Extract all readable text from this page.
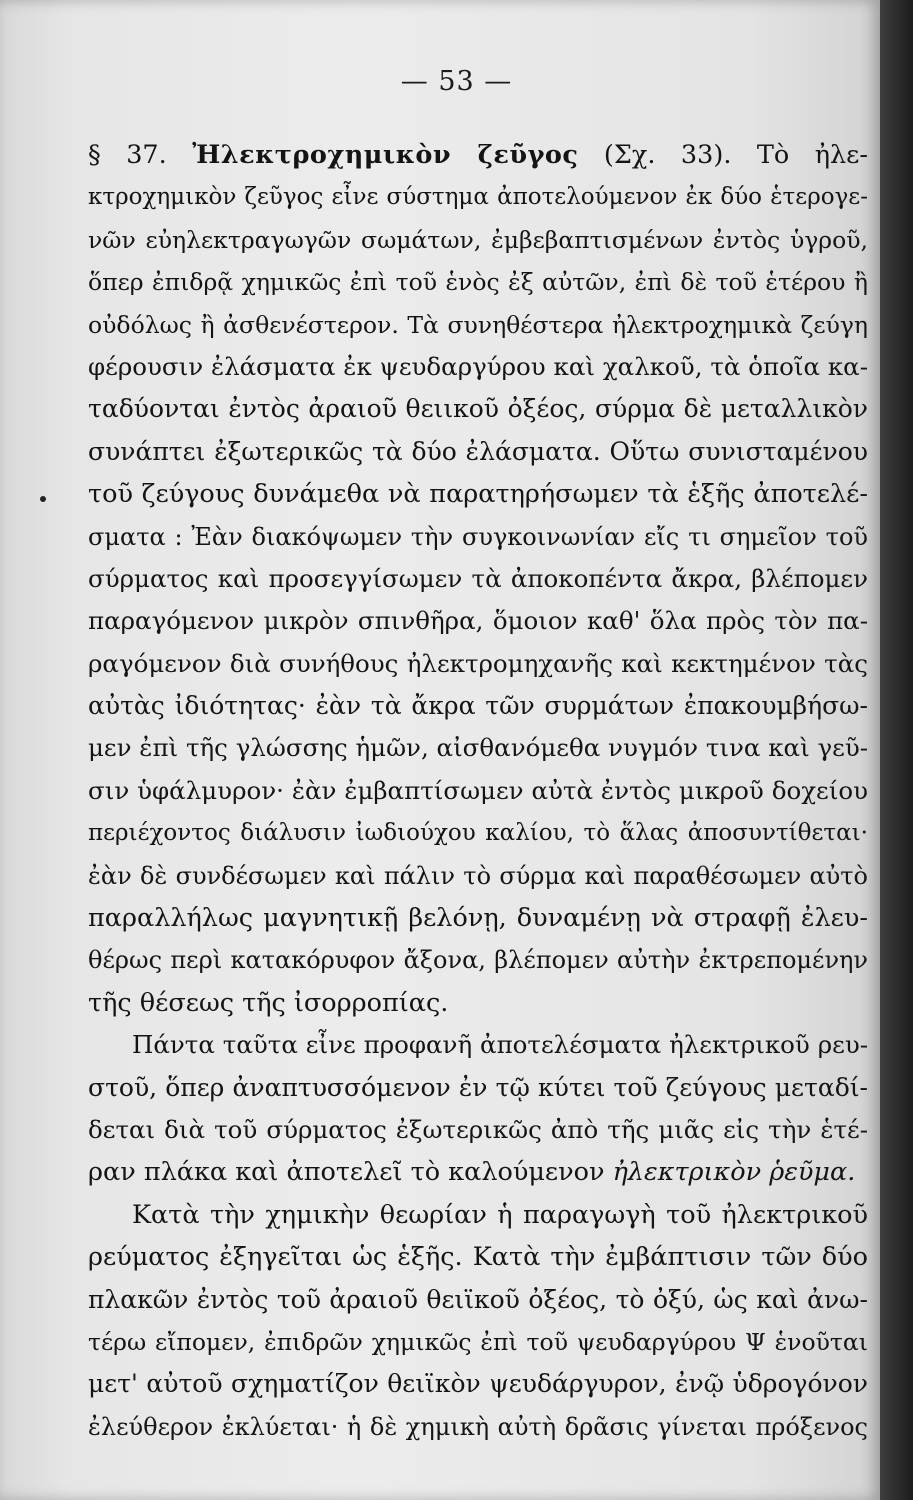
— 53 —
§ 37. Ἠλεκτροχημικὸν ζεῦγος (Σχ. 33). Τὸ ἠλε-
κτροχημικὸν ζεῦγος εἶνε σύστημα ἀποτελούμενον ἐκ δύο ἑτερογε-
νῶν εὐηλεκτραγωγῶν σωμάτων, ἐμβεβαπτισμένων ἐντὸς ὑγροῦ,
ὅπερ ἐπιδρᾷ χημικῶς ἐπὶ τοῦ ἑνὸς ἐξ αὐτῶν, ἐπὶ δὲ τοῦ ἑτέρου ἢ
οὐδόλως ἢ ἀσθενέστερον. Τὰ συνηθέστερα ἠλεκτροχημικὰ ζεύγη
φέρουσιν ἐλάσματα ἐκ ψευδαργύρου καὶ χαλκοῦ, τὰ ὁποῖα κα-
ταδύονται ἐντὸς ἀραιοῦ θειικοῦ ὀξέος, σύρμα δὲ μεταλλικὸν
συνάπτει ἐξωτερικῶς τὰ δύο ἐλάσματα. Οὕτω συνισταμένου
τοῦ ζεύγους δυνάμεθα νὰ παρατηρήσωμεν τὰ ἑξῆς ἀποτελέ-
σματα : Ἐὰν διακόψωμεν τὴν συγκοινωνίαν εἴς τι σημεῖον τοῦ
σύρματος καὶ προσεγγίσωμεν τὰ ἀποκοπέντα ἄκρα, βλέπομεν
παραγόμενον μικρὸν σπινθῆρα, ὅμοιον καθ' ὅλα πρὸς τὸν πα-
ραγόμενον διὰ συνήθους ἠλεκτρομηχανῆς καὶ κεκτημένον τὰς
αὐτὰς ἰδιότητας· ἐὰν τὰ ἄκρα τῶν συρμάτων ἐπακουμβήσω-
μεν ἐπὶ τῆς γλώσσης ἡμῶν, αἰσθανόμεθα νυγμόν τινα καὶ γεῦ-
σιν ὑφάλμυρον· ἐὰν ἐμβαπτίσωμεν αὐτὰ ἐντὸς μικροῦ δοχείου
περιέχοντος διάλυσιν ἰωδιούχου καλίου, τὸ ἅλας ἀποσυντίθεται·
ἐὰν δὲ συνδέσωμεν καὶ πάλιν τὸ σύρμα καὶ παραθέσωμεν αὐτὸ
παραλλήλως μαγνητικῇ βελόνῃ, δυναμένῃ νὰ στραφῇ ἐλευ-
θέρως περὶ κατακόρυφον ἄξονα, βλέπομεν αὐτὴν ἐκτρεπομένην
τῆς θέσεως τῆς ἰσορροπίας.
Πάντα ταῦτα εἶνε προφανῆ ἀποτελέσματα ἠλεκτρικοῦ ρευ-
στοῦ, ὅπερ ἀναπτυσσόμενον ἐν τῷ κύτει τοῦ ζεύγους μεταδί-
δεται διὰ τοῦ σύρματος ἐξωτερικῶς ἀπὸ τῆς μιᾶς εἰς τὴν ἑτέ-
ραν πλάκα καὶ ἀποτελεῖ τὸ καλούμενον ἠλεκτρικὸν ῥεῦμα.
Κατὰ τὴν χημικὴν θεωρίαν ἡ παραγωγὴ τοῦ ἠλεκτρικοῦ
ρεύματος ἐξηγεῖται ὡς ἑξῆς. Κατὰ τὴν ἐμβάπτισιν τῶν δύο
πλακῶν ἐντὸς τοῦ ἀραιοῦ θειϊκοῦ ὀξέος, τὸ ὀξύ, ὡς καὶ ἀνω-
τέρω εἴπομεν, ἐπιδρῶν χημικῶς ἐπὶ τοῦ ψευδαργύρου Ψ ἑνοῦται
μετ' αὐτοῦ σχηματίζον θειϊκὸν ψευδάργυρον, ἐνῷ ὑδρογόνον
ἐλεύθερον ἐκλύεται· ἡ δὲ χημικὴ αὐτὴ δρᾶσις γίνεται πρόξενος
